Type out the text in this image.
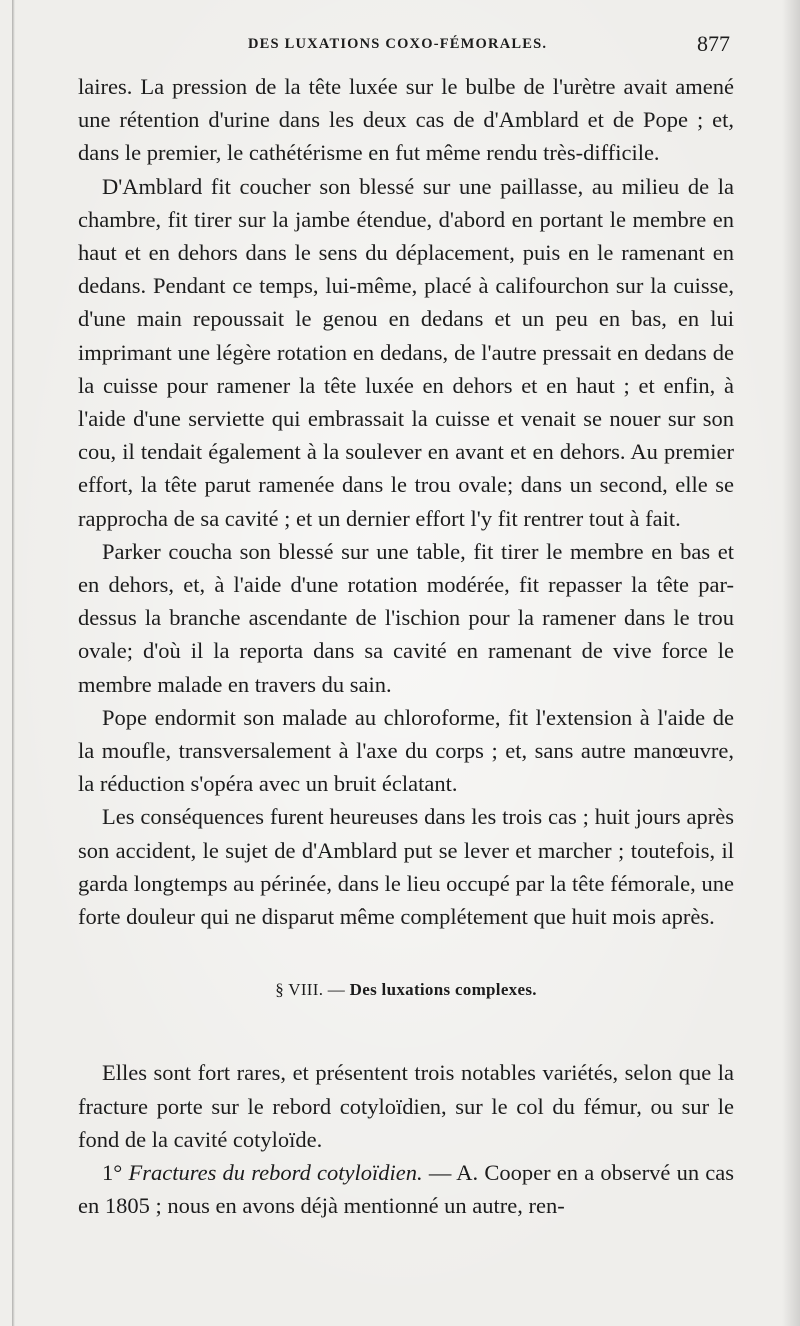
DES LUXATIONS COXO-FÉMORALES.	877

laires. La pression de la tête luxée sur le bulbe de l'urètre avait amené une rétention d'urine dans les deux cas de d'Amblard et de Pope ; et, dans le premier, le cathétérisme en fut même rendu très-difficile.

D'Amblard fit coucher son blessé sur une paillasse, au milieu de la chambre, fit tirer sur la jambe étendue, d'abord en portant le membre en haut et en dehors dans le sens du déplacement, puis en le ramenant en dedans. Pendant ce temps, lui-même, placé à califourchon sur la cuisse, d'une main repoussait le genou en dedans et un peu en bas, en lui imprimant une légère rotation en dedans, de l'autre pressait en dedans de la cuisse pour ramener la tête luxée en dehors et en haut ; et enfin, à l'aide d'une serviette qui embrassait la cuisse et venait se nouer sur son cou, il tendait également à la soulever en avant et en dehors. Au premier effort, la tête parut ramenée dans le trou ovale; dans un second, elle se rapprocha de sa cavité ; et un dernier effort l'y fit rentrer tout à fait.

Parker coucha son blessé sur une table, fit tirer le membre en bas et en dehors, et, à l'aide d'une rotation modérée, fit repasser la tête par-dessus la branche ascendante de l'ischion pour la ramener dans le trou ovale; d'où il la reporta dans sa cavité en ramenant de vive force le membre malade en travers du sain.

Pope endormit son malade au chloroforme, fit l'extension à l'aide de la moufle, transversalement à l'axe du corps ; et, sans autre manœuvre, la réduction s'opéra avec un bruit éclatant.

Les conséquences furent heureuses dans les trois cas ; huit jours après son accident, le sujet de d'Amblard put se lever et marcher ; toutefois, il garda longtemps au périnée, dans le lieu occupé par la tête fémorale, une forte douleur qui ne disparut même complétement que huit mois après.

§ VIII. — Des luxations complexes.

Elles sont fort rares, et présentent trois notables variétés, selon que la fracture porte sur le rebord cotyloïdien, sur le col du fémur, ou sur le fond de la cavité cotyloïde.

1° Fractures du rebord cotyloïdien. — A. Cooper en a observé un cas en 1805 ; nous en avons déjà mentionné un autre, ren-
